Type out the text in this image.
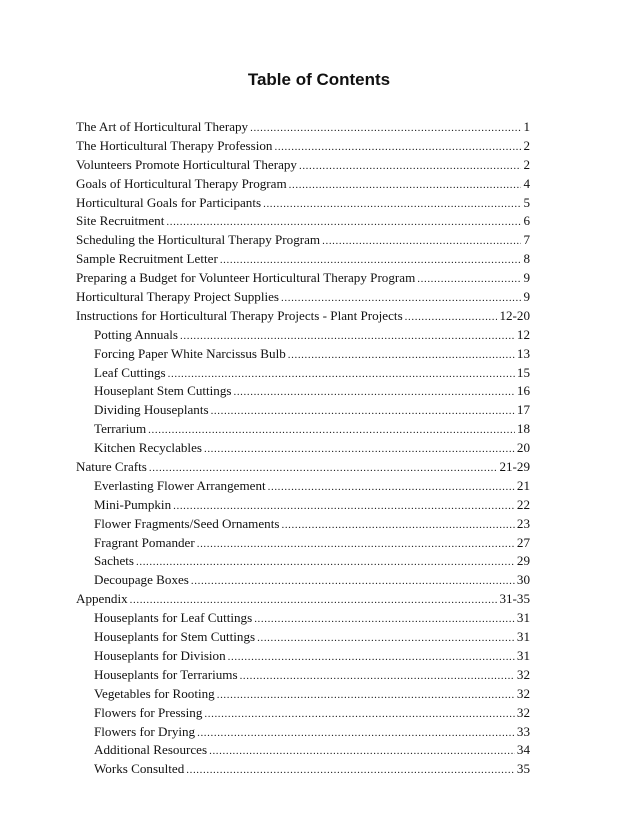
Table of Contents
The Art of Horticultural Therapy .....	1
The Horticultural Therapy Profession .....	2
Volunteers Promote Horticultural Therapy .....	2
Goals of Horticultural Therapy Program .....	4
Horticultural Goals for Participants .....	5
Site Recruitment .....	6
Scheduling the Horticultural Therapy Program .....	7
Sample Recruitment Letter .....	8
Preparing a Budget for Volunteer Horticultural Therapy Program .....	9
Horticultural Therapy Project Supplies .....	9
Instructions for Horticultural Therapy Projects - Plant Projects .....	12-20
Potting Annuals .....	12
Forcing Paper White Narcissus Bulb .....	13
Leaf Cuttings .....	15
Houseplant Stem Cuttings .....	16
Dividing Houseplants .....	17
Terrarium .....	18
Kitchen Recyclables .....	20
Nature Crafts .....	21-29
Everlasting Flower Arrangement .....	21
Mini-Pumpkin .....	22
Flower Fragments/Seed Ornaments .....	23
Fragrant Pomander .....	27
Sachets .....	29
Decoupage Boxes .....	30
Appendix .....	31-35
Houseplants for Leaf Cuttings .....	31
Houseplants for Stem Cuttings .....	31
Houseplants for Division .....	31
Houseplants for Terrariums .....	32
Vegetables for Rooting .....	32
Flowers for Pressing .....	32
Flowers for Drying .....	33
Additional Resources .....	34
Works Consulted .....	35
